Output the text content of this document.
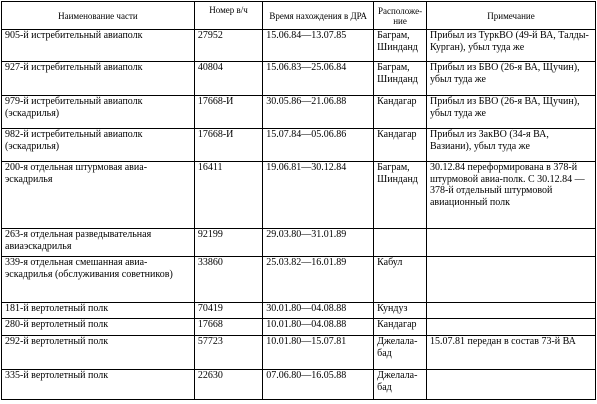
Наименование части	Номер в/ч	Время нахождения в ДРА	Расположе-ние	Примечание
905-й истребительный авиаполк	27952	15.06.84—13.07.85	Баграм, Шинданд	Прибыл из ТуркВО (49-й ВА, Талды-Курган), убыл туда же
927-й истребительный авиаполк	40804	15.06.83—25.06.84	Баграм, Шинданд	Прибыл из БВО (26-я ВА, Щучин), убыл туда же
979-й истребительный авиаполк (эскадрилья)	17668-И	30.05.86—21.06.88	Кандагар	Прибыл из БВО (26-я ВА, Щучин), убыл туда же
982-й истребительный авиаполк (эскадрилья)	17668-И	15.07.84—05.06.86	Кандагар	Прибыл из ЗакВО (34-я ВА, Вазиани), убыл туда же
200-я отдельная штурмовая авиа-эскадрилья	16411	19.06.81—30.12.84	Баграм, Шинданд	30.12.84 переформирована в 378-й штурмовой авиа-полк. С 30.12.84 — 378-й отдельный штурмовой авиационный полк
263-я отдельная разведывательная авиаэскадрилья	92199	29.03.80—31.01.89		
339-я отдельная смешанная авиа-эскадрилья (обслуживания советников)	33860	25.03.82—16.01.89	Кабул	
181-й вертолетный полк	70419	30.01.80—04.08.88	Кундуз	
280-й вертолетный полк	17668	10.01.80—04.08.88	Кандагар	
292-й вертолетный полк	57723	10.01.80—15.07.81	Джелала-бад	15.07.81 передан в состав 73-й ВА
335-й вертолетный полк	22630	07.06.80—16.05.88	Джелала-бад	
